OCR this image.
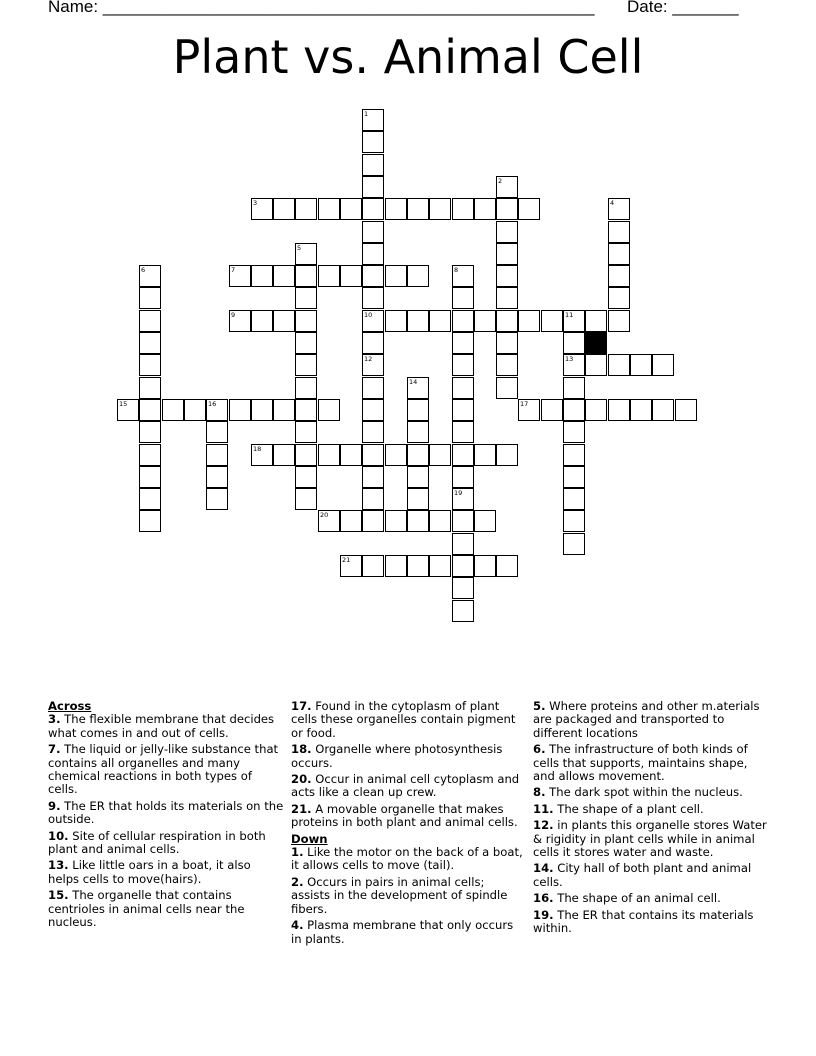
Name: ____________________________________________________ Date: _______
Plant vs. Animal Cell
1
10
2
3	4
5
6	7	8
19
9	11
13
12
14
15	16	17
18
20
21
Across
3. The flexible membrane that decides what comes in and out of cells.
7. The liquid or jelly-like substance that contains all organelles and many chemical reactions in both types of cells.
9. The ER that holds its materials on the outside.
10. Site of cellular respiration in both plant and animal cells.
13. Like little oars in a boat, it also helps cells to move(hairs).
15. The organelle that contains centrioles in animal cells near the nucleus.
17. Found in the cytoplasm of plant cells these organelles contain pigment or food.
18. Organelle where photosynthesis occurs.
20. Occur in animal cell cytoplasm and acts like a clean up crew.
21. A movable organelle that makes proteins in both plant and animal cells.
Down
1. Like the motor on the back of a boat, it allows cells to move (tail).
2. Occurs in pairs in animal cells; assists in the development of spindle fibers.
4. Plasma membrane that only occurs in plants.
5. Where proteins and other m.aterials are packaged and transported to different locations
6. The infrastructure of both kinds of cells that supports, maintains shape, and allows movement.
8. The dark spot within the nucleus.
11. The shape of a plant cell.
12. in plants this organelle stores Water & rigidity in plant cells while in animal cells it stores water and waste.
14. City hall of both plant and animal cells.
16. The shape of an animal cell.
19. The ER that contains its materials within.
